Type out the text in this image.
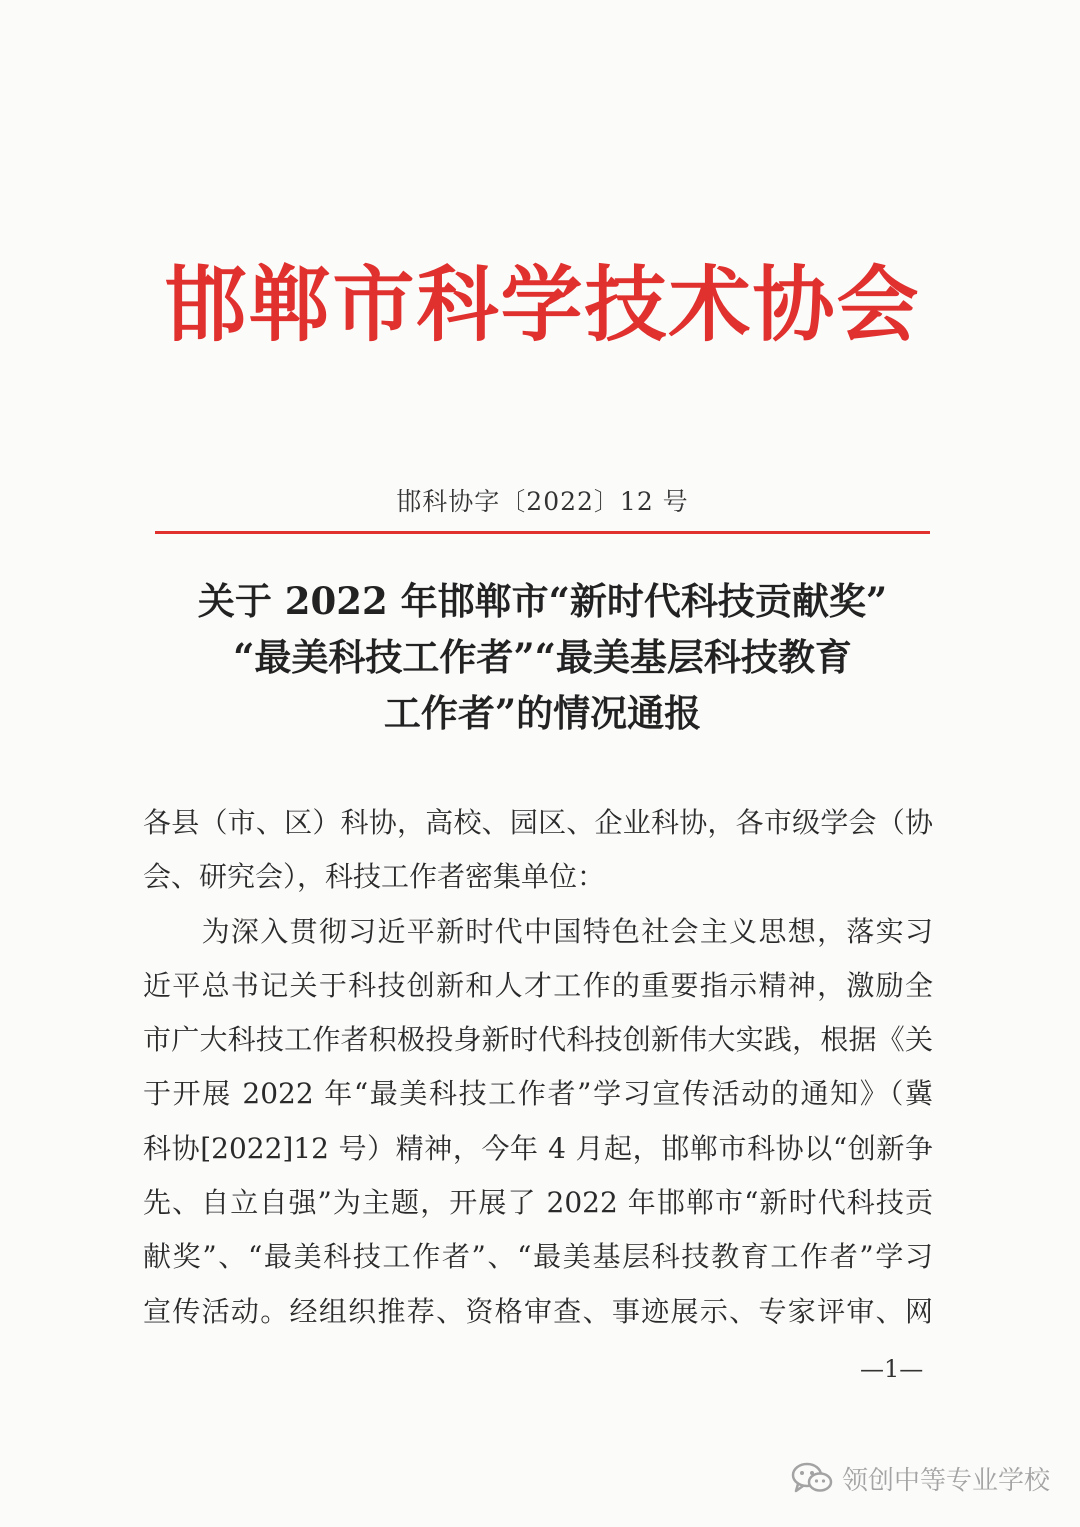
邯郸市科学技术协会
邯科协字〔2022〕12 号
关于 2022 年邯郸市“新时代科技贡献奖”
“最美科技工作者”“最美基层科技教育
工作者”的情况通报
各县（市、区）科协，高校、园区、企业科协，各市级学会（协
会、研究会），科技工作者密集单位：
　　为深入贯彻习近平新时代中国特色社会主义思想，落实习
近平总书记关于科技创新和人才工作的重要指示精神，激励全
市广大科技工作者积极投身新时代科技创新伟大实践，根据《关
于开展 2022 年“最美科技工作者”学习宣传活动的通知》（冀
科协[2022]12 号）精神，今年 4 月起，邯郸市科协以“创新争
先、自立自强”为主题，开展了 2022 年邯郸市“新时代科技贡
献奖”、“最美科技工作者”、“最美基层科技教育工作者”学习
宣传活动。经组织推荐、资格审查、事迹展示、专家评审、网
—1—
领创中等专业学校
